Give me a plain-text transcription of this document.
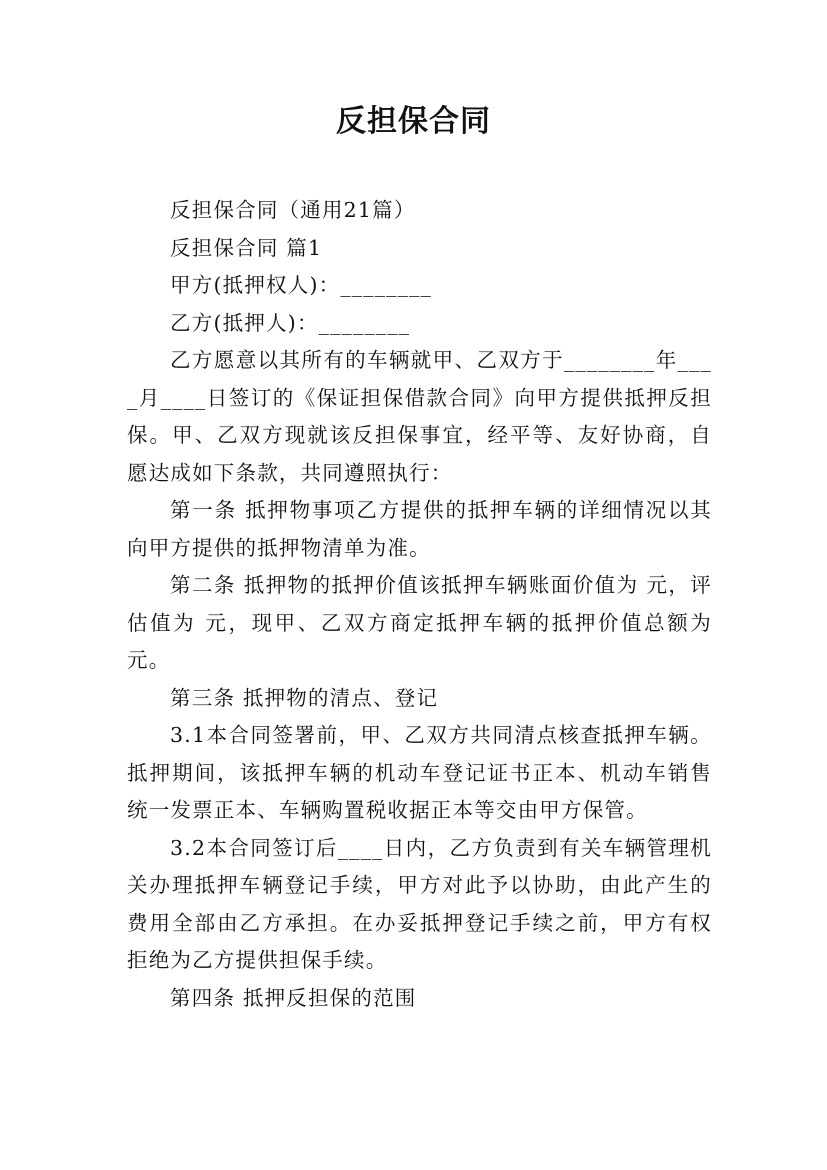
反担保合同

反担保合同（通用21篇）

反担保合同 篇1

甲方(抵押权人)：________

乙方(抵押人)：________

乙方愿意以其所有的车辆就甲、乙双方于________年____月____日签订的《保证担保借款合同》向甲方提供抵押反担保。甲、乙双方现就该反担保事宜，经平等、友好协商，自愿达成如下条款，共同遵照执行：

第一条 抵押物事项乙方提供的抵押车辆的详细情况以其向甲方提供的抵押物清单为准。

第二条 抵押物的抵押价值该抵押车辆账面价值为 元，评估值为 元，现甲、乙双方商定抵押车辆的抵押价值总额为 元。

第三条 抵押物的清点、登记

3.1本合同签署前，甲、乙双方共同清点核查抵押车辆。抵押期间，该抵押车辆的机动车登记证书正本、机动车销售统一发票正本、车辆购置税收据正本等交由甲方保管。

3.2本合同签订后____日内，乙方负责到有关车辆管理机关办理抵押车辆登记手续，甲方对此予以协助，由此产生的费用全部由乙方承担。在办妥抵押登记手续之前，甲方有权拒绝为乙方提供担保手续。

第四条 抵押反担保的范围
